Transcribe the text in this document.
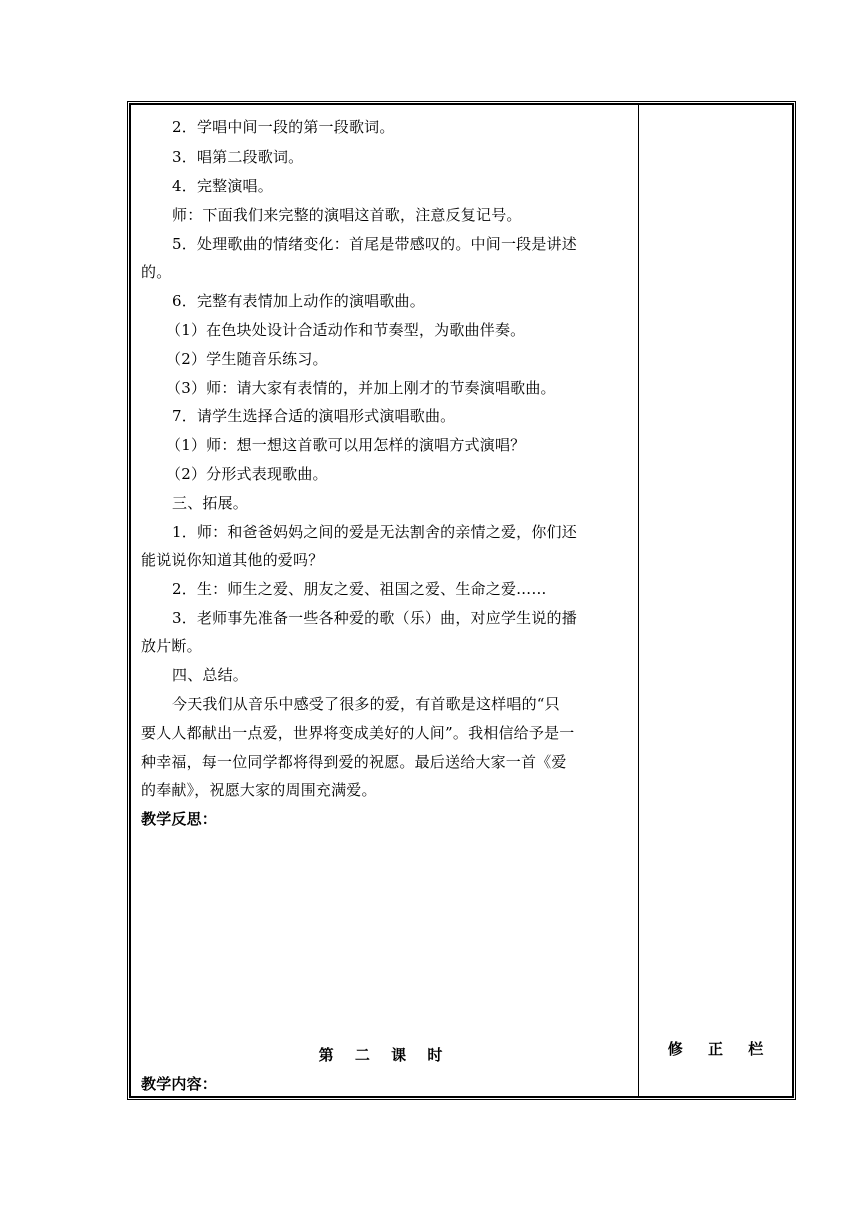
2．学唱中间一段的第一段歌词。
3．唱第二段歌词。
4．完整演唱。
师：下面我们来完整的演唱这首歌，注意反复记号。
5．处理歌曲的情绪变化：首尾是带感叹的。中间一段是讲述
的。
6．完整有表情加上动作的演唱歌曲。
（1）在色块处设计合适动作和节奏型，为歌曲伴奏。
（2）学生随音乐练习。
（3）师：请大家有表情的，并加上刚才的节奏演唱歌曲。
7．请学生选择合适的演唱形式演唱歌曲。
（1）师：想一想这首歌可以用怎样的演唱方式演唱？
（2）分形式表现歌曲。
三、拓展。
1．师：和爸爸妈妈之间的爱是无法割舍的亲情之爱，你们还
能说说你知道其他的爱吗？
2．生：师生之爱、朋友之爱、祖国之爱、生命之爱……
3．老师事先准备一些各种爱的歌（乐）曲，对应学生说的播
放片断。
四、总结。
今天我们从音乐中感受了很多的爱，有首歌是这样唱的“只
要人人都献出一点爱，世界将变成美好的人间”。我相信给予是一
种幸福，每一位同学都将得到爱的祝愿。最后送给大家一首《爱
的奉献》，祝愿大家的周围充满爱。
教学反思：
第 二 课 时
教学内容：
修 正 栏
